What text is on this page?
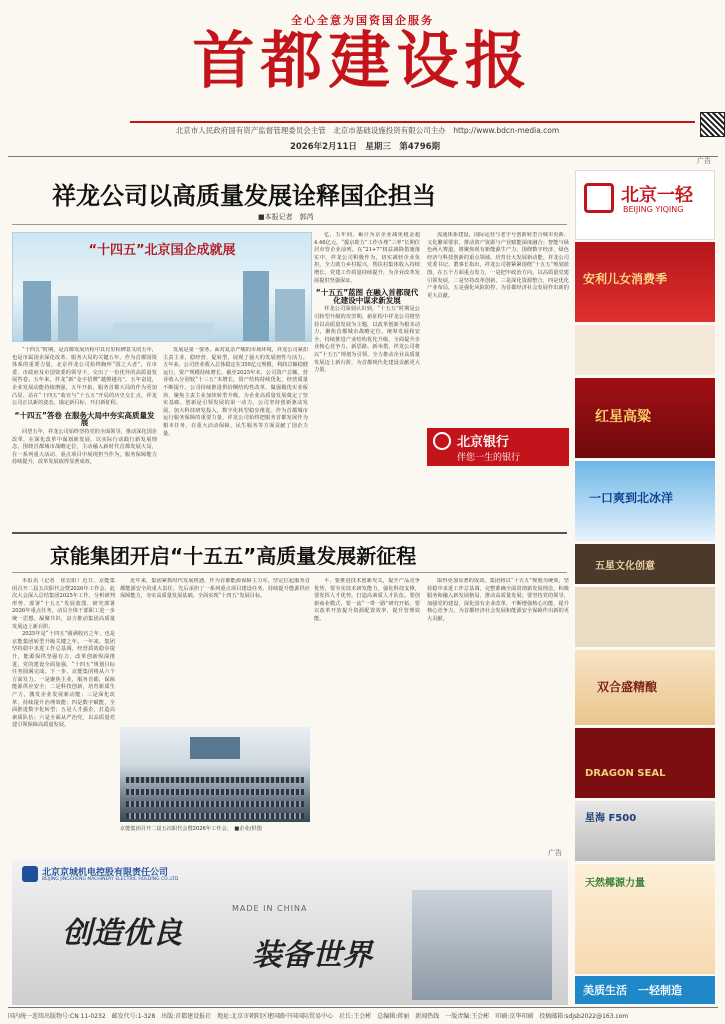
全心全意为国资国企服务
首都建设报
北京市人民政府国有资产监督管理委员会主管　北京市基础设施投资有限公司主办　http://www.bdcn-media.com
2026年2月11日　星期三　第4796期
广告
祥龙公司以高质量发展诠释国企担当
■本报记者　郭芮
“十四五”北京国企成就展

“十四五”时期，是首都发展历程中具有里程碑意义的五年，也是市属国企深化改革、服务大局的关键五年。作为首都国资体系的重要力量，北京祥龙公司始终胸怀“国之大者”，在市委、市政府及市国资委的领导下，交出了一份优异的高质量发展答卷。五年来，祥龙“新”金字招牌“越擦越亮”。五年奋进，企业发展动能持续增强，五年开拓，服务首都大局的作为更加凸显。站在“十四五”收官与“十五五”开局的历史交汇点，祥龙公司正以新的姿态，锚定新目标，开启新征程。

“十四五”答卷 在服务大局中夯实高质量发展

回望五年，祥龙公司始终坚持党的全面领导，推动深化国企改革，在深化改革中谋划新发展、以实际行动践行新发展理念，围绕首都城市战略定位，主动融入新时代首都发展大局，在一系列重大活动、重点项目中展现担当作为，服务保障能力持续提升，改革发展取得显著成效。

发展是第一要务。面对复杂严峻的市场环境，祥龙公司紧扣主责主业，稳经营、促转型，展现了强大的发展韧性与活力。五年来，公司营业收入总体稳定在350亿元规模，利润总额稳健运行，资产规模持续增长。截至2025年末，公司资产总额、营业收入分别较“十三五”末增长，资产结构持续优化，经营质量不断提升。公司持续推进供给侧结构性改革，做强做优实业板块，聚焦主责主业加快转型升级，为企业高质量发展奠定了坚实基础。创新是引领发展的第一动力。公司坚持创新驱动发展，加大科技研发投入，数字化转型稳步推进。作为首都城市运行服务保障的重要力量，祥龙公司始终把服务首都发展作为根本任务，在重大活动保障、民生服务等方面贡献了国企力量。

亿，五年间，累计为京企业减免租金超4.46亿元。“援京助力”工作办理“三率”长期位居市管企业前列。在“21+7”权益减降措施落实中，祥龙公司积极作为，切实减轻企业负担，全力助力乡村振兴，帮扶村集体收入持续增长，党建工作质量持续提升，为企业改革发展提供坚强保证。

“十五五”蓝图 在融入首都现代化建设中谋求新发展

祥龙公司深刻认识到，“十五五”时期是公司转型升级的攻坚期，新征程中祥龙公司将坚持以高质量发展为主题，以改革创新为根本动力，聚焦首都城市战略定位，统筹发展和安全，持续推进产业结构优化升级，全面提升企业核心竞争力。新思路、新举措，祥龙公司将以“十五五”规划为引领，全力推动企业高质量发展迈上新台阶，为首都现代化建设贡献更大力量。

流通体系建设，国际运营与老字号创新转型合城市更新、文化繁荣要求，推动资产资源与产业赋能深度融合；智能与绿色两大赛道，将聚焦现有新能源生产力，围绕数字经济，绿色经济与科技创新的重点领域，培育壮大发展新动能。祥龙公司党委书记、董事长指出，祥龙公司将紧紧围绕“十五五”规划蓝图，在五个方面重点发力，一是把牢政治方向，以高质量党建引领发展，二是坚持改革创新，三是深化资源整合，四是优化产业布局，五是强化风险防控，为首都经济社会发展作出新的更大贡献。

北京银行
伴您一生的银行
京能集团开启“十五五”高质量发展新征程

本报讯（记者　崔宏阳）近日，京能集团召开二届五次职代会暨2026年工作会。此次大会深入总结集团2025年工作，分析研判形势，部署“十五五”发展蓝图，研究部署2026年重点任务，动员全体干部职工进一步统一思想，凝聚共识，奋力推动集团高质量发展迈上新台阶。

2025年是“十四五”圆满收官之年，也是京能集团转型升级关键之年。一年来，集团坚持稳中求进工作总基调，经营质效稳步提升，能源保供坚强有力，改革创新纵深推进，党的建设全面加强，“十四五”规划目标任务圆满完成。下一步，京能集团将从六个方面发力。一是聚焦主业，服务首都，保障能源供应安全；二是科技创新，培育新质生产力，激发企业发展新动能；三是深化改革，持续提升治理效能；四是数字赋能，全面推进数字化转型；五是人才强企，打造高素质队伍；六是全面从严治党，以高质量党建引领保障高质量发展。

近年来，集团紧抓时代发展机遇，作为首都能源保障主力军，坚定扛起服务首都能源安全的重大责任，先后承担了一系列重点项目建设任务，持续提升能源供应保障能力，夯实高质量发展基础，全面实现“十四五”发展目标。

京能集团召开二届五次职代会暨2026年工作会。　■企业/供图

平、要推进技术创新攻关，提升产品竞争优势，要夯实技术研发能力，强化科技支撑，要发挥人才优势，打造高素质人才队伍。要创新商业模式，要一流“一带一路”研究开拓，要以改革开放提升资源配置效率，提升管理效能。

取得更加显著的成效。集团将以“十五五”规划为统领，坚持稳中求进工作总基调，完整准确全面贯彻新发展理念，积极服务和融入新发展格局，推动高质量发展；要坚持党的领导，加强党的建设，深化国有企业改革，不断增强核心功能、提升核心竞争力，为首都经济社会发展和能源安全保障作出新的更大贡献。

广告
北京京城机电控股有限责任公司
BEIJING JINGCHENG MACHINERY ELECTRIC HOLDING CO.,LTD
创造优良
MADE IN CHINA
装备世界
北京一轻
BEIJING YIQING
安利儿女消费季
红星高粱
一口爽到北冰洋
五星文化创意
双合盛精酿
DRAGON SEAL
星海 F500
天然椰源力量
美质生活　一轻制造
国内统一连续出版物号:CN 11-0232　邮发代号:1-328　出版:首都建设报社　地址:北京市朝阳区建国路中国国际贸易中心　社长:王会彬　总编辑:蒋丽　新闻热线　一版责编:王会彬　印刷:京华印刷　投稿邮箱:sdjsb2022@163.com
